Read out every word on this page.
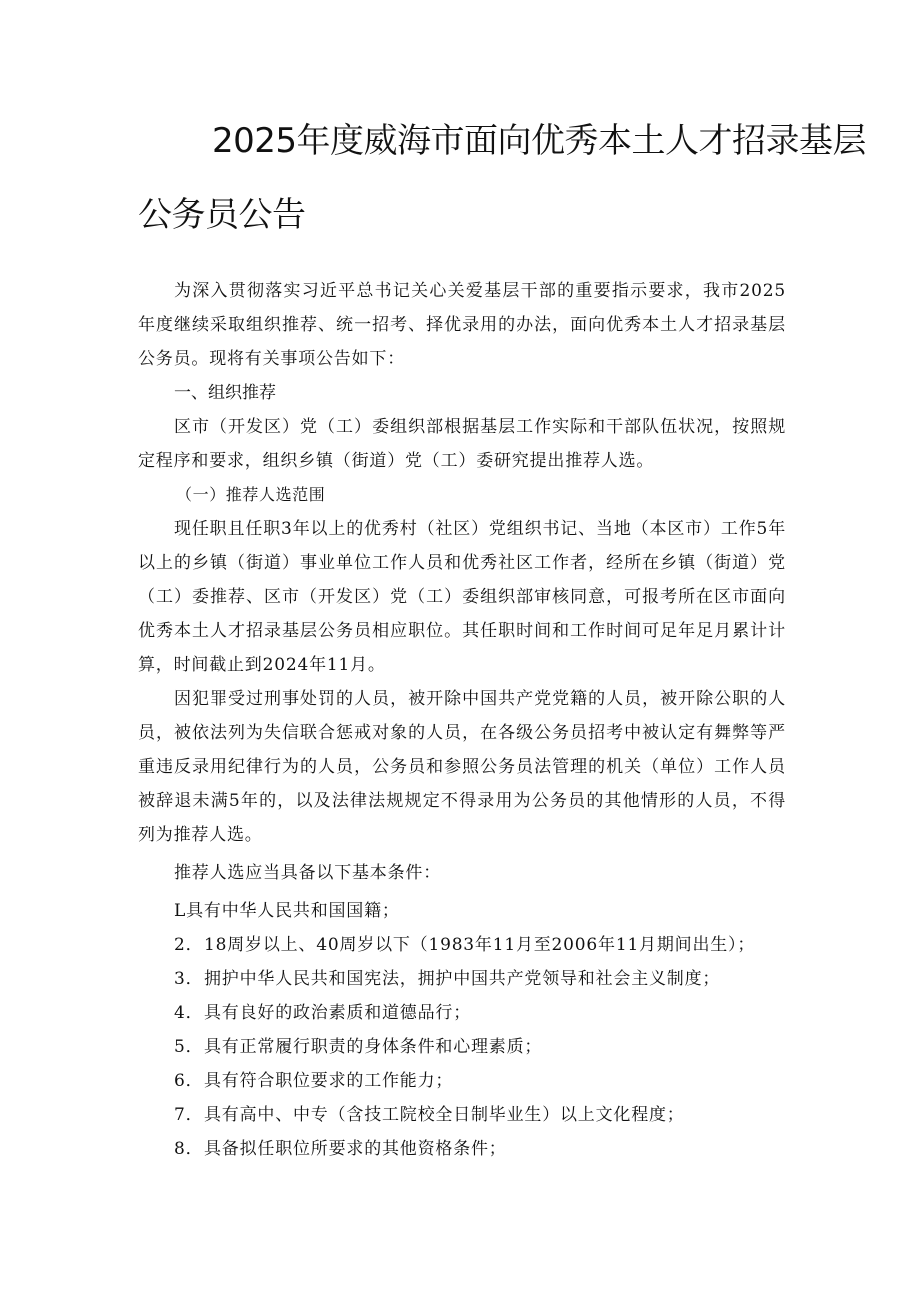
2025年度威海市面向优秀本土人才招录基层
公务员公告
为深入贯彻落实习近平总书记关心关爱基层干部的重要指示要求，我市2025年度继续采取组织推荐、统一招考、择优录用的办法，面向优秀本土人才招录基层公务员。现将有关事项公告如下：
一、组织推荐
区市（开发区）党（工）委组织部根据基层工作实际和干部队伍状况，按照规定程序和要求，组织乡镇（街道）党（工）委研究提出推荐人选。
（一）推荐人选范围
现任职且任职3年以上的优秀村（社区）党组织书记、当地（本区市）工作5年以上的乡镇（街道）事业单位工作人员和优秀社区工作者，经所在乡镇（街道）党（工）委推荐、区市（开发区）党（工）委组织部审核同意，可报考所在区市面向优秀本土人才招录基层公务员相应职位。其任职时间和工作时间可足年足月累计计算，时间截止到2024年11月。
因犯罪受过刑事处罚的人员，被开除中国共产党党籍的人员，被开除公职的人员，被依法列为失信联合惩戒对象的人员，在各级公务员招考中被认定有舞弊等严重违反录用纪律行为的人员，公务员和参照公务员法管理的机关（单位）工作人员被辞退未满5年的，以及法律法规规定不得录用为公务员的其他情形的人员，不得列为推荐人选。
推荐人选应当具备以下基本条件：
L具有中华人民共和国国籍；
2．18周岁以上、40周岁以下（1983年11月至2006年11月期间出生）；
3．拥护中华人民共和国宪法，拥护中国共产党领导和社会主义制度；
4．具有良好的政治素质和道德品行；
5．具有正常履行职责的身体条件和心理素质；
6．具有符合职位要求的工作能力；
7．具有高中、中专（含技工院校全日制毕业生）以上文化程度；
8．具备拟任职位所要求的其他资格条件；
